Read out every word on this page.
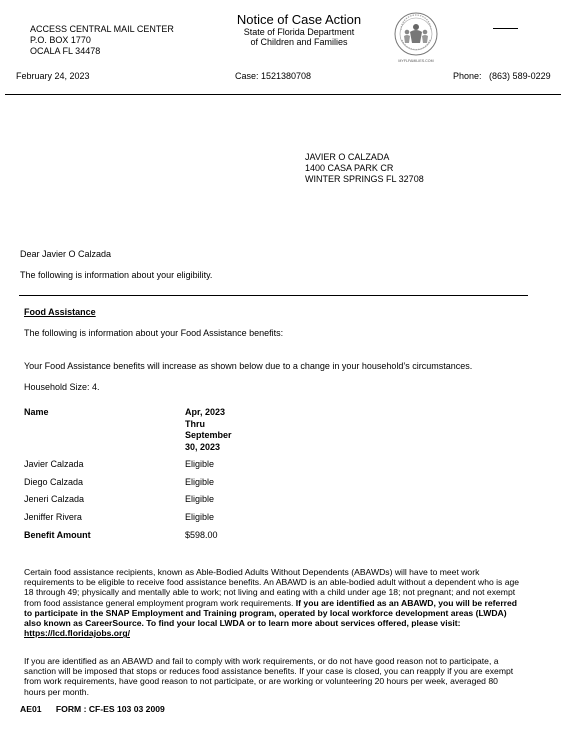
ACCESS CENTRAL MAIL CENTER
P.O. BOX 1770
OCALA FL 34478
Notice of Case Action
State of Florida Department
of Children and Families
MYFLFAMILIES.COM
February 24, 2023	Case: 1521380708	Phone: (863) 589-0229
JAVIER O CALZADA
1400 CASA PARK CR
WINTER SPRINGS FL 32708
Dear Javier O Calzada
The following is information about your eligibility.
Food Assistance
The following is information about your Food Assistance benefits:
Your Food Assistance benefits will increase as shown below due to a change in your household’s circumstances.
Household Size: 4.
Name	Apr, 2023
Thru
September
30, 2023
Javier Calzada	Eligible
Diego Calzada	Eligible
Jeneri Calzada	Eligible
Jeniffer Rivera	Eligible
Benefit Amount	$598.00
Certain food assistance recipients, known as Able-Bodied Adults Without Dependents (ABAWDs) will have to meet work requirements to be eligible to receive food assistance benefits. An ABAWD is an able-bodied adult without a dependent who is age 18 through 49; physically and mentally able to work; not living and eating with a child under age 18; not pregnant; and not exempt from food assistance general employment program work requirements. If you are identified as an ABAWD, you will be referred to participate in the SNAP Employment and Training program, operated by local workforce development areas (LWDA) also known as CareerSource. To find your local LWDA or to learn more about services offered, please visit: https://lcd.floridajobs.org/
If you are identified as an ABAWD and fail to comply with work requirements, or do not have good reason not to participate, a sanction will be imposed that stops or reduces food assistance benefits. If your case is closed, you can reapply if you are exempt from work requirements, have good reason to not participate, or are working or volunteering 20 hours per week, averaged 80 hours per month.
AE01 FORM : CF-ES 103 03 2009
